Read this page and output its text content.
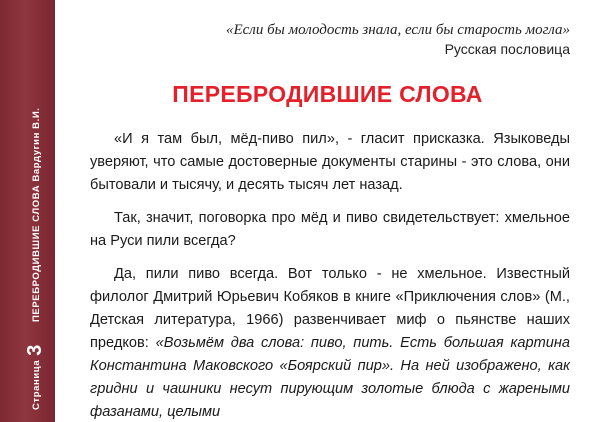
Страница
3
ПЕРЕБРОДИВШИЕ СЛОВА Вардугин В.И.
«Если бы молодость знала, если бы старость могла»
Русская пословица
ПЕРЕБРОДИВШИЕ СЛОВА

«И я там был, мёд-пиво пил», - гласит присказка. Языковеды уверяют, что самые достоверные документы старины - это слова, они бытовали и тысячу, и десять тысяч лет назад.

Так, значит, поговорка про мёд и пиво свидетельствует: хмельное на Руси пили всегда?

Да, пили пиво всегда. Вот только - не хмельное. Известный филолог Дмитрий Юрьевич Кобяков в книге «Приключения слов» (М., Детская литература, 1966) развенчивает миф о пьянстве наших предков: «Возьмём два слова: пиво, пить. Есть большая картина Константина Маковского «Боярский пир». На ней изображено, как гридни и чашники несут пирующим золотые блюда с жареными фазанами, целыми
